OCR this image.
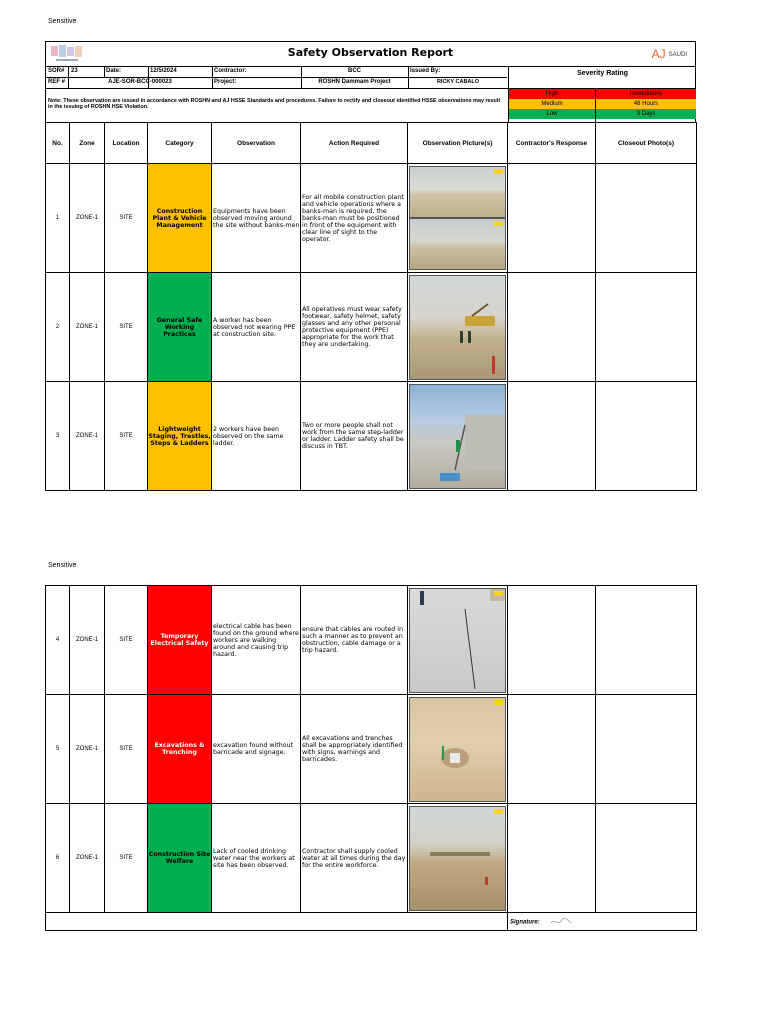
Sensitive
Sensitive
Safety Observation Report	AJ SAUDI
SOR# 23	Date:	12/5/2024	Contractor:	BCC	Issued By:
REF #	AJE-SOR-BCC-000023	Project:	ROSHN Dammam Project	RICKY CABALO
Severity Rating
High	Immediately
Medium	48 Hours
Low	3 Days
Note: These observation are issued in accordance with ROSHN and AJ HSSE Standards and procedures. Failure to rectify and closeout identified HSSE observations may result in the issuing of ROSHN HSE Violation.
No.	Zone	Location	Category	Observation	Action Required	Observation Picture(s)	Contractor's Response	Closeout Photo(s)
1	ZONE-1	SITE	Construction Plant & Vehicle Management	Equipments have been observed moving around the site without banks-men	For all mobile construction plant and vehicle operations where a banks-man is required, the banks-man must be positioned in front of the equipment with clear line of sight to the operator.	

2	ZONE-1	SITE	General Safe Working Practices	A worker has been observed not wearing PPE at construction site.	All operatives must wear safety footwear, safety helmet, safety glasses and any other personal protective equipment (PPE) appropriate for the work that they are undertaking.	

3	ZONE-1	SITE	Lightweight Staging, Trestles, Steps & Ladders	2 workers have been observed on the same ladder.	Two or more people shall not work from the same step-ladder or ladder. Ladder safety shall be discuss in TBT.	

4	ZONE-1	SITE	Temporary Electrical Safety	electrical cable has been found on the ground where workers are walking around and causing trip hazard.	ensure that cables are routed in such a manner as to prevent an obstruction, cable damage or a trip hazard.	

5	ZONE-1	SITE	Excavations & Trenching	excavation found without barricade and signage.	All excavations and trenches shall be appropriately identified with signs, warnings and barricades.	

6	ZONE-1	SITE	Construction Site Welfare	Lack of cooled drinking water near the workers at site has been observed.	Contractor shall supply cooled water at all times during the day for the entire workforce.	

							Signature:	
